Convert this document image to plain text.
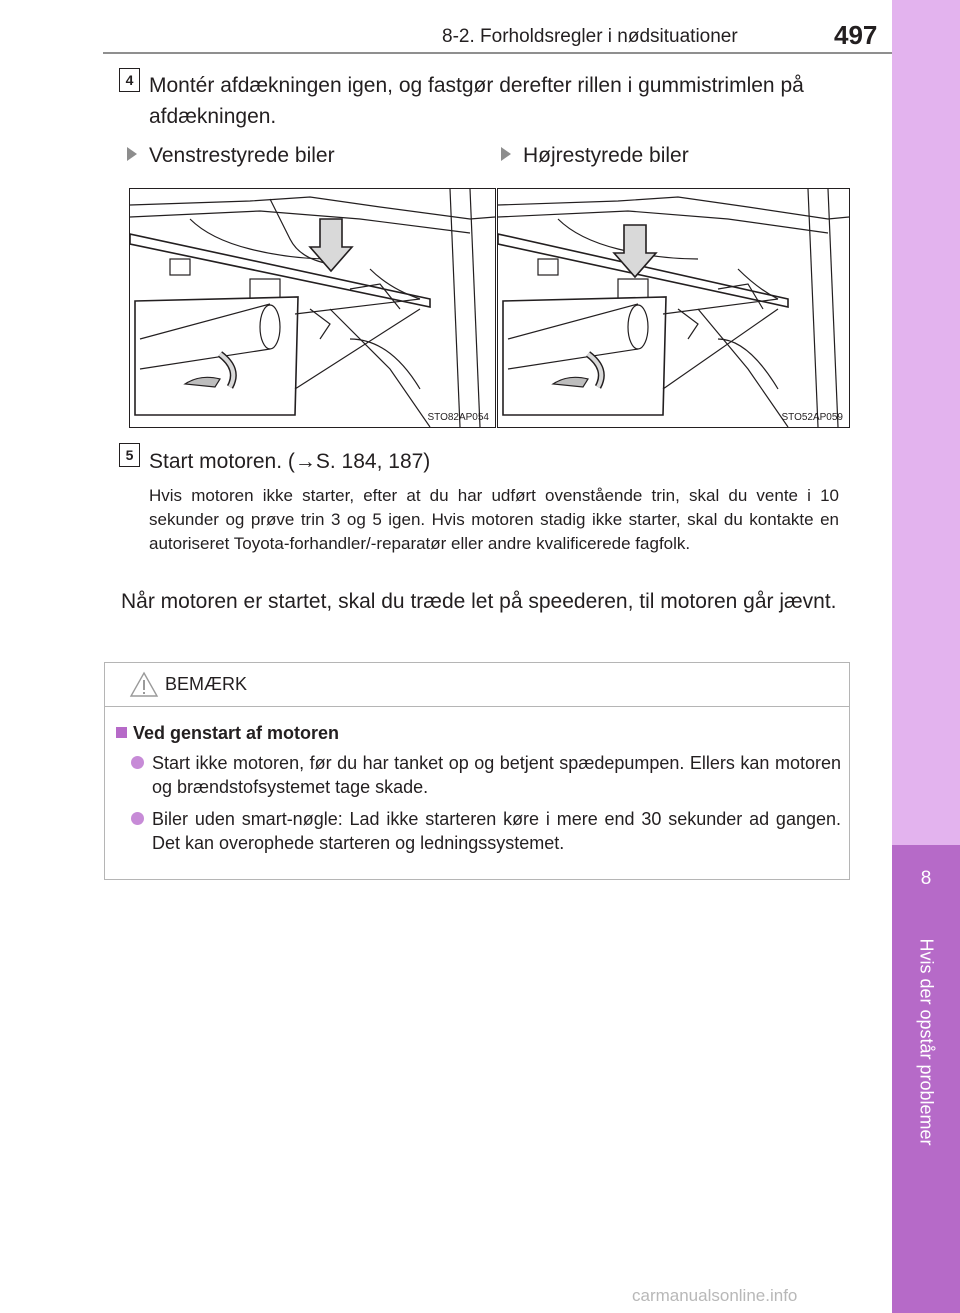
8-2. Forholdsregler i nødsituationer	497
8
Hvis der opstår problemer
4 Montér afdækningen igen, og fastgør derefter rillen i gummistrimlen på afdækningen.
Venstrestyrede biler	Højrestyrede biler
STO82AP054	STO52AP059
5 Start motoren. (→S. 184, 187)
Hvis motoren ikke starter, efter at du har udført ovenstående trin, skal du vente i 10 sekunder og prøve trin 3 og 5 igen. Hvis motoren stadig ikke starter, skal du kontakte en autoriseret Toyota-forhandler/-reparatør eller andre kvalificerede fagfolk.
Når motoren er startet, skal du træde let på speederen, til motoren går jævnt.
BEMÆRK
Ved genstart af motoren
Start ikke motoren, før du har tanket op og betjent spædepumpen. Ellers kan motoren og brændstofsystemet tage skade.
Biler uden smart-nøgle: Lad ikke starteren køre i mere end 30 sekunder ad gangen. Det kan overophede starteren og ledningssystemet.
carmanualsonline.info
